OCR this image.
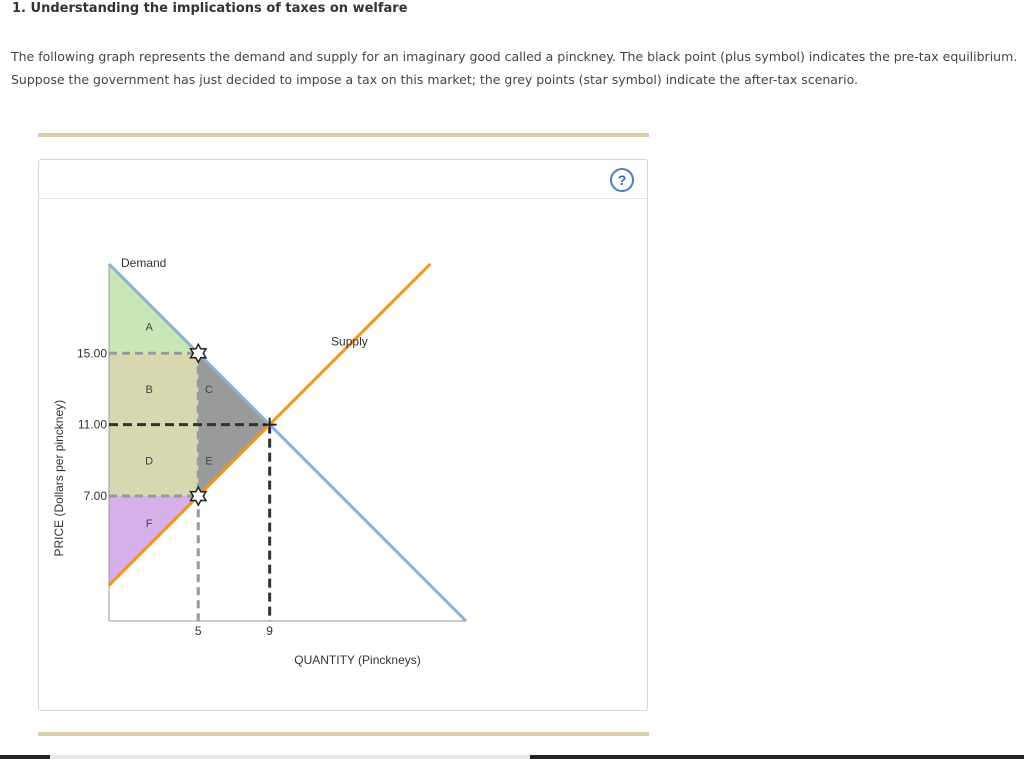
1. Understanding the implications of taxes on welfare

The following graph represents the demand and supply for an imaginary good called a pinckney. The black point (plus symbol) indicates the pre-tax equilibrium. Suppose the government has just decided to impose a tax on this market; the grey points (star symbol) indicate the after-tax scenario.

?
Demand
Supply
15.00
11.00
7.00
5	9
QUANTITY (Pinckneys)
PRICE (Dollars per pinckney)
A
B	C
D	E
F
